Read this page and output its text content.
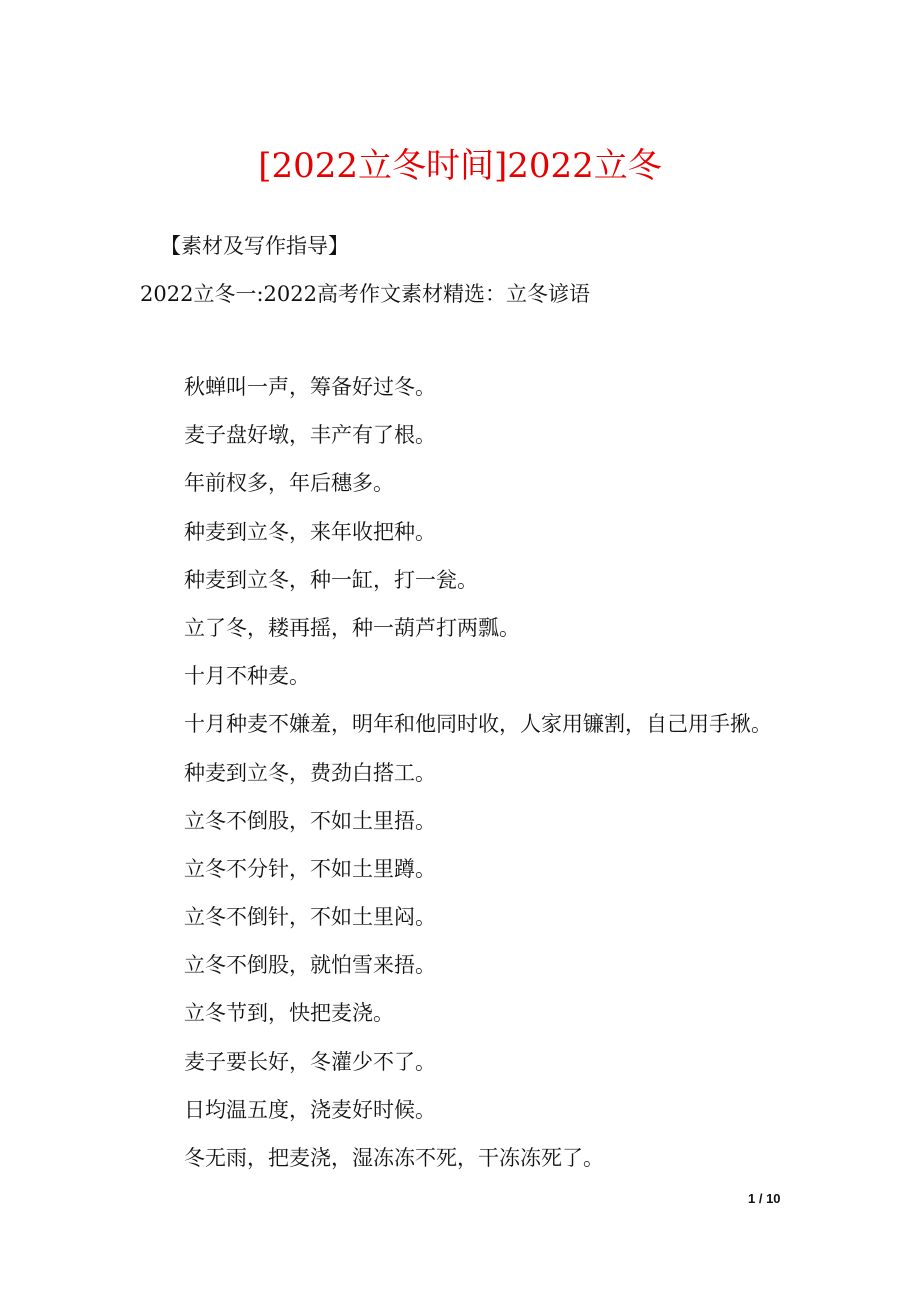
[2022立冬时间]2022立冬
【素材及写作指导】
2022立冬一:2022高考作文素材精选：立冬谚语
秋蝉叫一声，筹备好过冬。
麦子盘好墩，丰产有了根。
年前杈多，年后穗多。
种麦到立冬，来年收把种。
种麦到立冬，种一缸，打一瓮。
立了冬，耧再摇，种一葫芦打两瓢。
十月不种麦。
十月种麦不嫌羞，明年和他同时收，人家用镰割，自己用手揪。
种麦到立冬，费劲白搭工。
立冬不倒股，不如土里捂。
立冬不分针，不如土里蹲。
立冬不倒针，不如土里闷。
立冬不倒股，就怕雪来捂。
立冬节到，快把麦浇。
麦子要长好，冬灌少不了。
日均温五度，浇麦好时候。
冬无雨，把麦浇，湿冻冻不死，干冻冻死了。
1 / 10
